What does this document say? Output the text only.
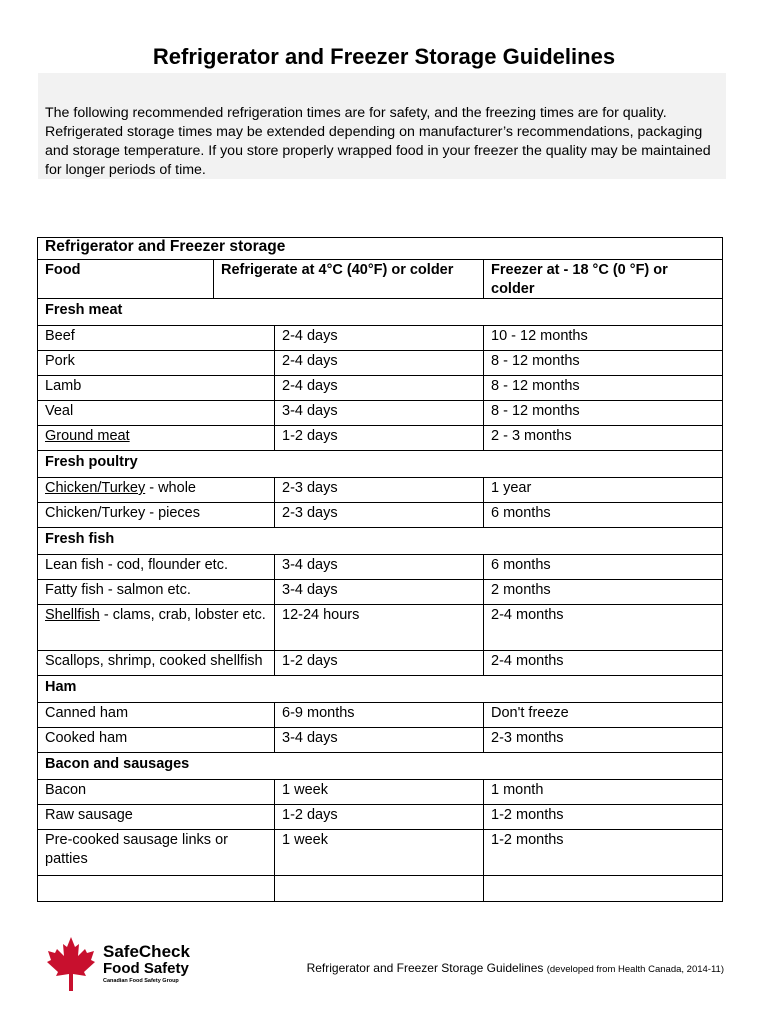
Refrigerator and Freezer Storage Guidelines
The following recommended refrigeration times are for safety, and the freezing times are for quality. Refrigerated storage times may be extended depending on manufacturer’s recommendations, packaging and storage temperature. If you store properly wrapped food in your freezer the quality may be maintained for longer periods of time.
Refrigerator and Freezer storage			
Food	Refrigerate at 4°C (40°F) or colder		Freezer at - 18 °C (0 °F) or colder
Fresh meat			
Beef		2-4 days	10 - 12 months
Pork		2-4 days	8 - 12 months
Lamb		2-4 days	8 - 12 months
Veal		3-4 days	8 - 12 months
Ground meat		1-2 days	2 - 3 months
Fresh poultry			
Chicken/Turkey - whole		2-3 days	1 year
Chicken/Turkey - pieces		2-3 days	6 months
Fresh fish			
Lean fish - cod, flounder etc.		3-4 days	6 months
Fatty fish - salmon etc.		3-4 days	2 months
Shellfish - clams, crab, lobster etc.		12-24 hours	2-4 months
Scallops, shrimp, cooked shellfish		1-2 days	2-4 months
Ham			
Canned ham		6-9 months	Don't freeze
Cooked ham		3-4 days	2-3 months
Bacon and sausages			
Bacon		1 week	1 month
Raw sausage		1-2 days	1-2 months
Pre-cooked sausage links or patties		1 week	1-2 months

SafeCheck
Food Safety
Canadian Food Safety Group
Refrigerator and Freezer Storage Guidelines (developed from Health Canada, 2014-11)
